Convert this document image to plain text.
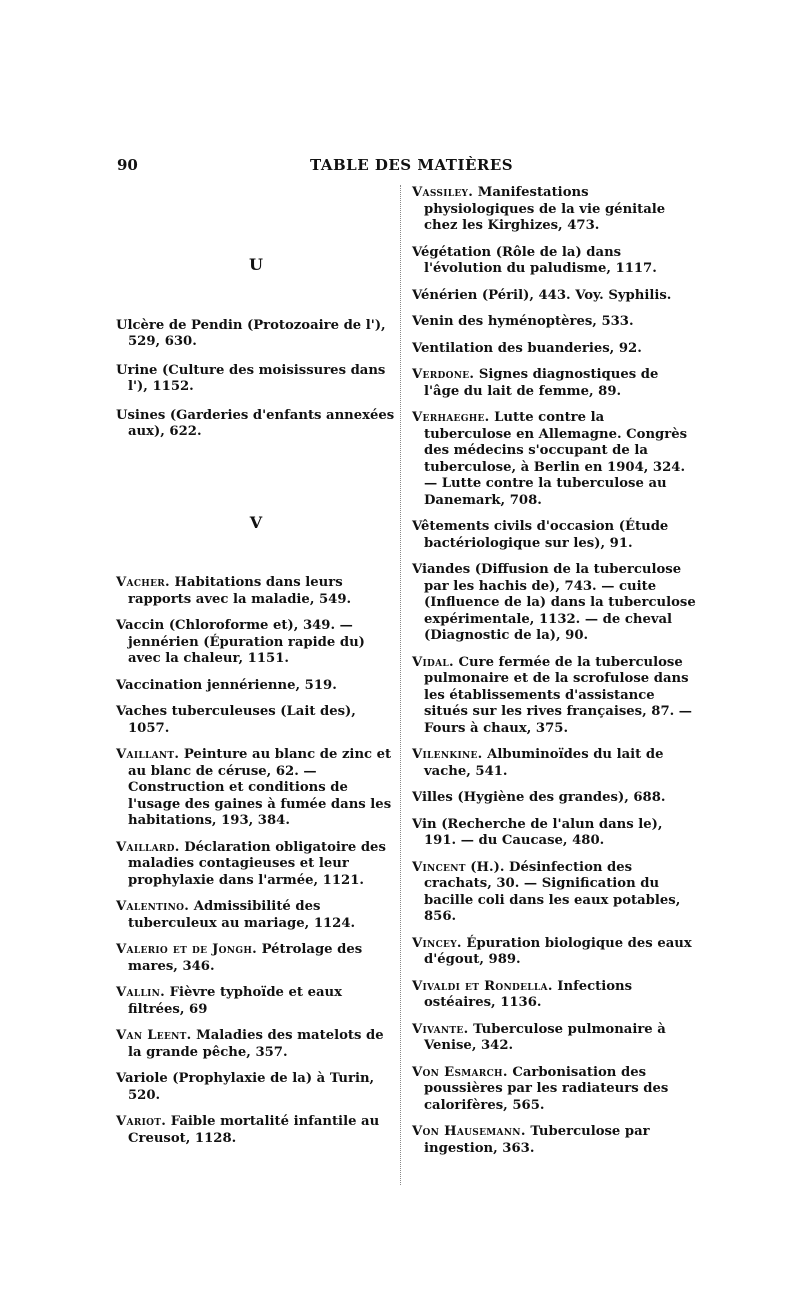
90	TABLE DES MATIÈRES

U

Ulcère de Pendin (Protozoaire de l'), 529, 630.

Urine (Culture des moisissures dans l'), 1152.

Usines (Garderies d'enfants annexées aux), 622.

V

Vacher. Habitations dans leurs rapports avec la maladie, 549.

Vaccin (Chloroforme et), 349. — jennérien (Épuration rapide du) avec la chaleur, 1151.

Vaccination jennérienne, 519.

Vaches tuberculeuses (Lait des), 1057.

Vaillant. Peinture au blanc de zinc et au blanc de céruse, 62. — Construction et conditions de l'usage des gaines à fumée dans les habitations, 193, 384.

Vaillard. Déclaration obligatoire des maladies contagieuses et leur prophylaxie dans l'armée, 1121.

Valentino. Admissibilité des tuberculeux au mariage, 1124.

Valerio et de Jongh. Pétrolage des mares, 346.

Vallin. Fièvre typhoïde et eaux filtrées, 69

Van Leent. Maladies des matelots de la grande pêche, 357.

Variole (Prophylaxie de la) à Turin, 520.

Variot. Faible mortalité infantile au Creusot, 1128.

Vassiley. Manifestations physiologiques de la vie génitale chez les Kirghizes, 473.

Végétation (Rôle de la) dans l'évolution du paludisme, 1117.

Vénérien (Péril), 443. Voy. Syphilis.

Venin des hyménoptères, 533.

Ventilation des buanderies, 92.

Verdone. Signes diagnostiques de l'âge du lait de femme, 89.

Verhaeghe. Lutte contre la tuberculose en Allemagne. Congrès des médecins s'occupant de la tuberculose, à Berlin en 1904, 324. — Lutte contre la tuberculose au Danemark, 708.

Vêtements civils d'occasion (Étude bactériologique sur les), 91.

Viandes (Diffusion de la tuberculose par les hachis de), 743. — cuite (Influence de la) dans la tuberculose expérimentale, 1132. — de cheval (Diagnostic de la), 90.

Vidal. Cure fermée de la tuberculose pulmonaire et de la scrofulose dans les établissements d'assistance situés sur les rives françaises, 87. — Fours à chaux, 375.

Vilenkine. Albuminoïdes du lait de vache, 541.

Villes (Hygiène des grandes), 688.

Vin (Recherche de l'alun dans le), 191. — du Caucase, 480.

Vincent (H.). Désinfection des crachats, 30. — Signification du bacille coli dans les eaux potables, 856.

Vincey. Épuration biologique des eaux d'égout, 989.

Vivaldi et Rondella. Infections ostéaires, 1136.

Vivante. Tuberculose pulmonaire à Venise, 342.

Von Esmarch. Carbonisation des poussières par les radiateurs des calorifères, 565.

Von Hausemann. Tuberculose par ingestion, 363.
